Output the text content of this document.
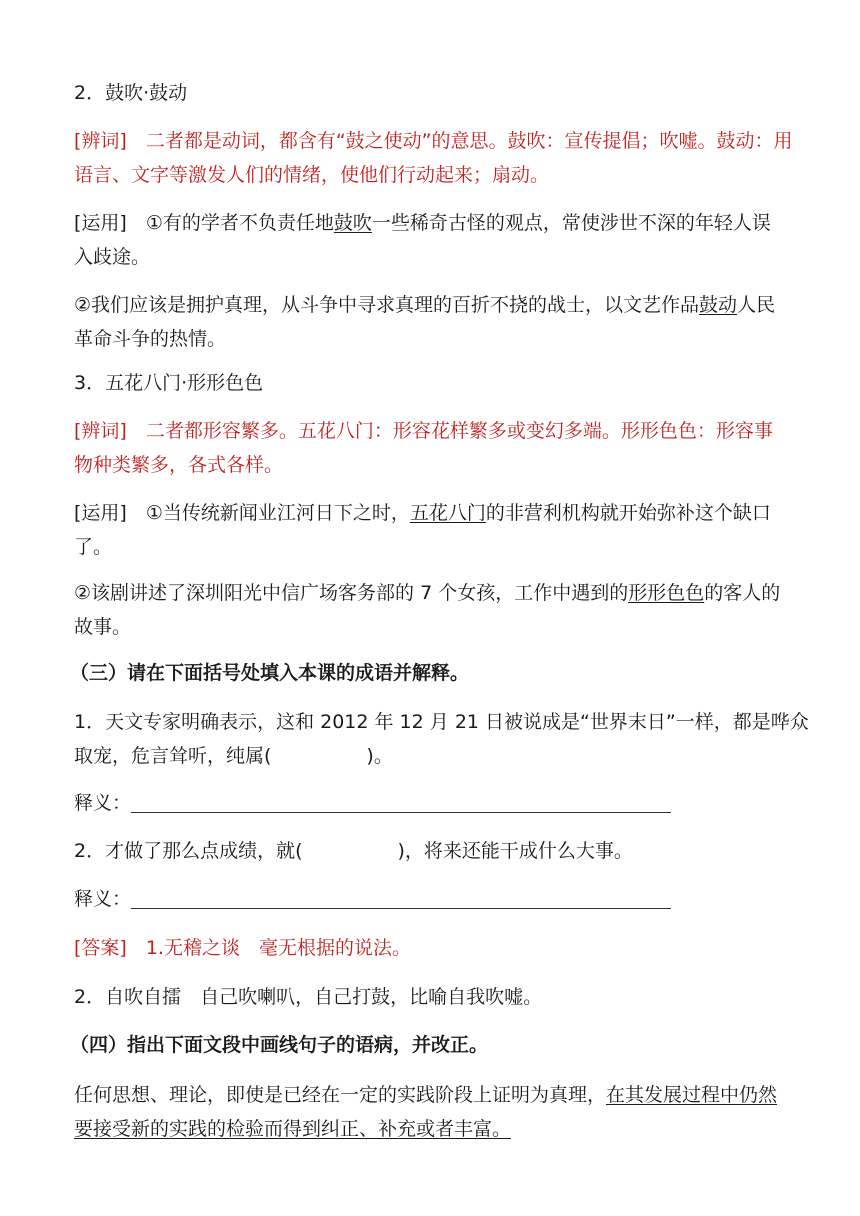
2．鼓吹·鼓动

[辨词]　二者都是动词，都含有“鼓之使动”的意思。鼓吹：宣传提倡；吹嘘。鼓动：用

语言、文字等激发人们的情绪，使他们行动起来；扇动。

[运用]　①有的学者不负责任地鼓吹一些稀奇古怪的观点，常使涉世不深的年轻人误

入歧途。

②我们应该是拥护真理，从斗争中寻求真理的百折不挠的战士，以文艺作品鼓动人民

革命斗争的热情。

3．五花八门·形形色色

[辨词]　二者都形容繁多。五花八门：形容花样繁多或变幻多端。形形色色：形容事

物种类繁多，各式各样。

[运用]　①当传统新闻业江河日下之时，五花八门的非营利机构就开始弥补这个缺口

了。

②该剧讲述了深圳阳光中信广场客务部的 7 个女孩，工作中遇到的形形色色的客人的

故事。

（三）请在下面括号处填入本课的成语并解释。

1．天文专家明确表示，这和 2012 年 12 月 21 日被说成是“世界末日”一样，都是哗众

取宠，危言耸听，纯属(　　　　　)。

释义：

2．才做了那么点成绩，就(　　　　　)，将来还能干成什么大事。

释义：

[答案]　1.无稽之谈　毫无根据的说法。

2．自吹自擂　自己吹喇叭，自己打鼓，比喻自我吹嘘。

（四）指出下面文段中画线句子的语病，并改正。

任何思想、理论，即使是已经在一定的实践阶段上证明为真理，在其发展过程中仍然

要接受新的实践的检验而得到纠正、补充或者丰富。
